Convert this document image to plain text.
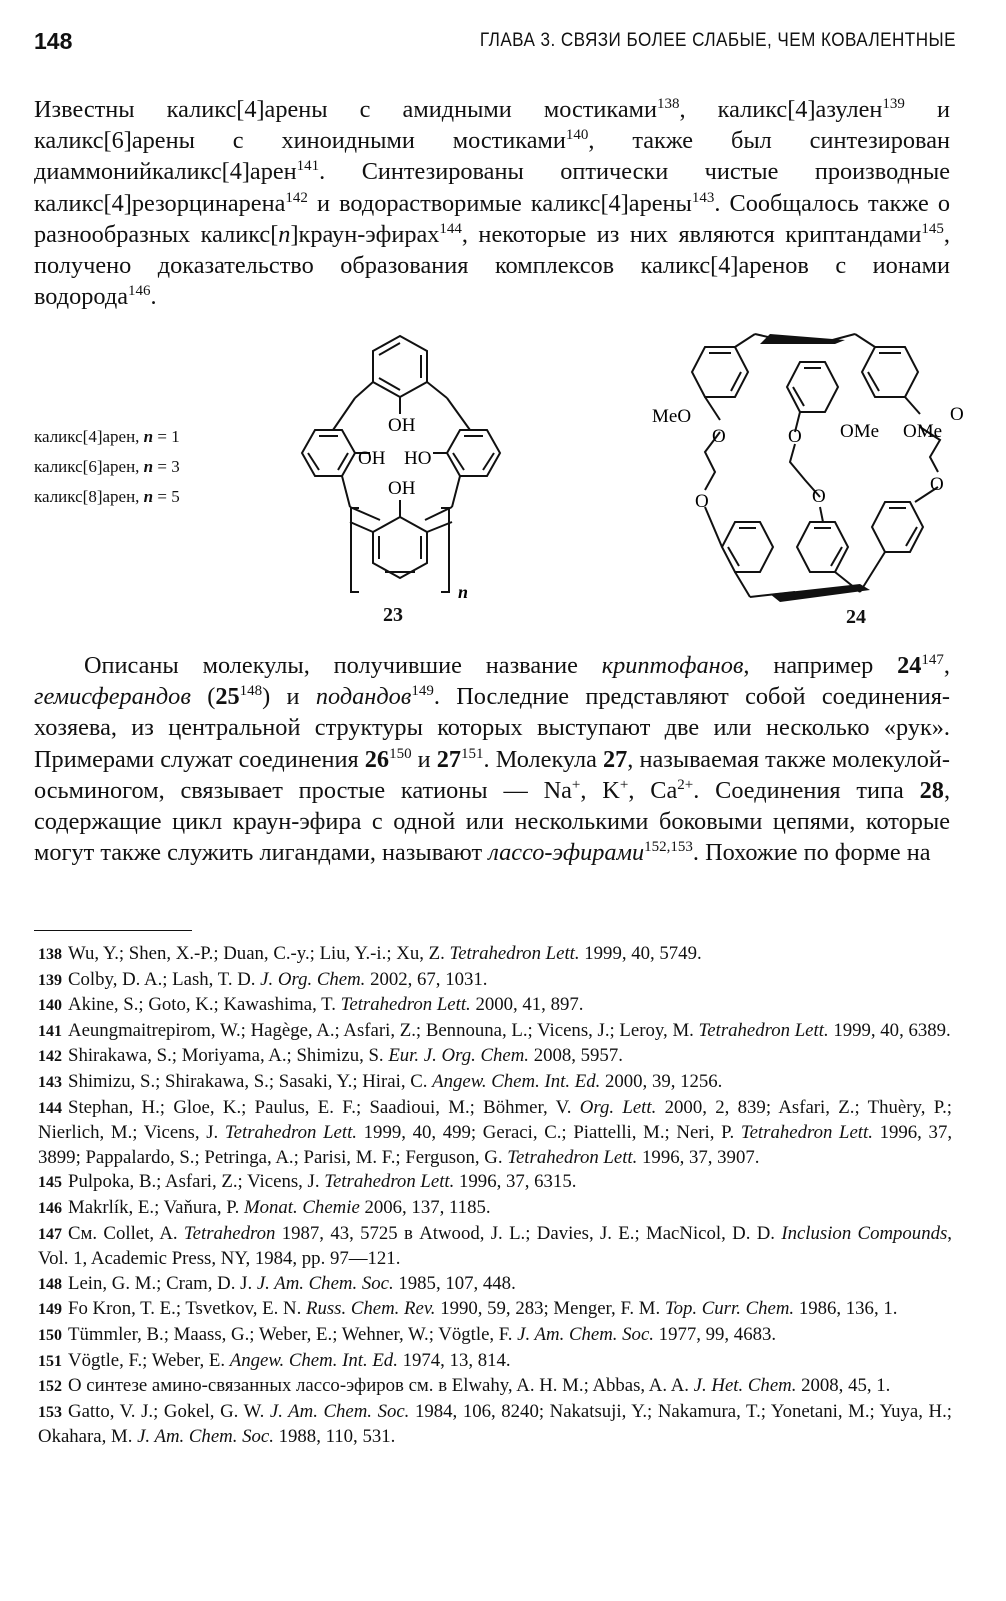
148	ГЛАВА 3. СВЯЗИ БОЛЕЕ СЛАБЫЕ, ЧЕМ КОВАЛЕНТНЫЕ

Известны каликс[4]арены с амидными мостиками$^{138}$, каликс[4]азулен$^{139}$ и каликс[6]арены с хиноидными мостиками$^{140}$, также был синтезирован диаммонийкаликс[4]арен$^{141}$. Синтезированы оптически чистые производные каликс[4]резорцинарена$^{142}$ и водорастворимые каликс[4]арены$^{143}$. Сообщалось также о разнообразных каликс[n]краун-эфирах$^{144}$, некоторые из них являются криптандами$^{145}$, получено доказательство образования комплексов каликс[4]аренов с ионами водорода$^{146}$.

каликс[4]арен, n = 1
каликс[6]арен, n = 3
каликс[8]арен, n = 5
OH
OH HO
OH
n
23
MeO
O	O OMe OMe
O
O	O
O
24

Описаны молекулы, получившие название криптофанов, например $24^{147}$, гемисферандов $(25^{148})$ и подандов$^{149}$. Последние представляют собой соединения-хозяева, из центральной структуры которых выступают две или несколько «рук». Примерами служат соединения $26^{150}$ и $27^{151}$. Молекула 27, называемая также молекулой-осьминогом, связывает простые катионы — Na+, K+, $Ca^{2+}$. Соединения типа 28, содержащие цикл краун-эфира с одной или несколькими боковыми цепями, которые могут также служить лигандами, называют лассо-эфирами$^{152,153}$. Похожие по форме на

138 Wu, Y.; Shen, X.-P.; Duan, C.-y.; Liu, Y.-i.; Xu, Z. Tetrahedron Lett. 1999, 40, 5749.

139 Colby, D. A.; Lash, T. D. J. Org. Chem. 2002, 67, 1031.

140 Akine, S.; Goto, K.; Kawashima, T. Tetrahedron Lett. 2000, 41, 897.

141 Aeungmaitrepirom, W.; Hagège, A.; Asfari, Z.; Bennouna, L.; Vicens, J.; Leroy, M. Tetrahedron Lett. 1999, 40, 6389.

142 Shirakawa, S.; Moriyama, A.; Shimizu, S. Eur. J. Org. Chem. 2008, 5957.

143 Shimizu, S.; Shirakawa, S.; Sasaki, Y.; Hirai, C. Angew. Chem. Int. Ed. 2000, 39, 1256.

144 Stephan, H.; Gloe, K.; Paulus, E. F.; Saadioui, M.; Böhmer, V. Org. Lett. 2000, 2, 839; Asfari, Z.; Thuèry, P.; Nierlich, M.; Vicens, J. Tetrahedron Lett. 1999, 40, 499; Geraci, C.; Piattelli, M.; Neri, P. Tetrahedron Lett. 1996, 37, 3899; Pappalardo, S.; Petringa, A.; Parisi, M. F.; Ferguson, G. Tetrahedron Lett. 1996, 37, 3907.

145 Pulpoka, B.; Asfari, Z.; Vicens, J. Tetrahedron Lett. 1996, 37, 6315.

146 Makrlík, E.; Vaňura, P. Monat. Chemie 2006, 137, 1185.

147 См. Collet, A. Tetrahedron 1987, 43, 5725 в Atwood, J. L.; Davies, J. E.; MacNicol, D. D. Inclusion Compounds, Vol. 1, Academic Press, NY, 1984, pp. 97—121.

148 Lein, G. M.; Cram, D. J. J. Am. Chem. Soc. 1985, 107, 448.

149 Fo Kron, T. E.; Tsvetkov, E. N. Russ. Chem. Rev. 1990, 59, 283; Menger, F. M. Top. Curr. Chem. 1986, 136, 1.

150 Tümmler, B.; Maass, G.; Weber, E.; Wehner, W.; Vögtle, F. J. Am. Chem. Soc. 1977, 99, 4683.

151 Vögtle, F.; Weber, E. Angew. Chem. Int. Ed. 1974, 13, 814.

152 О синтезе амино-связанных лассо-эфиров см. в Elwahy, A. H. M.; Abbas, A. A. J. Het. Chem. 2008, 45, 1.

153 Gatto, V. J.; Gokel, G. W. J. Am. Chem. Soc. 1984, 106, 8240; Nakatsuji, Y.; Nakamura, T.; Yonetani, M.; Yuya, H.; Okahara, M. J. Am. Chem. Soc. 1988, 110, 531.
